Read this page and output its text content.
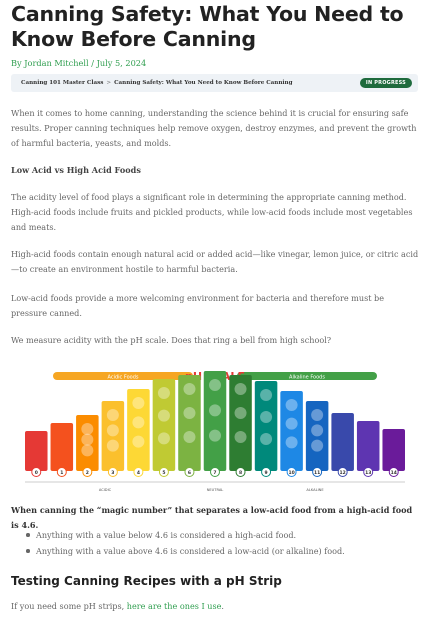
Canning Safety: What You Need to Know Before Canning
By Jordan Mitchell / July 5, 2024
Canning 101 Master Class > Canning Safety: What You Need to Know Before Canning	IN PROGRESS
When it comes to home canning, understanding the science behind it is crucial for ensuring safe results. Proper canning techniques help remove oxygen, destroy enzymes, and prevent the growth of harmful bacteria, yeasts, and molds.
Low Acid vs High Acid Foods
The acidity level of food plays a significant role in determining the appropriate canning method. High-acid foods include fruits and pickled products, while low-acid foods include most vegetables and meats.
High-acid foods contain enough natural acid or added acid—like vinegar, lemon juice, or citric acid—to create an environment hostile to harmful bacteria.
Low-acid foods provide a more welcoming environment for bacteria and therefore must be pressure canned.
We measure acidity with the pH scale. Does that ring a bell from high school?
Acidic Foods	Alkaline Foods
0	1	2	3	4	5	6	7	8	9	10	11	12	13	14
ACIDIC	NEUTRAL	ALKALINE
When canning the “magic number” that separates a low-acid food from a high-acid food is 4.6.
Anything with a value below 4.6 is considered a high-acid food.
Anything with a value above 4.6 is considered a low-acid (or alkaline) food.
Testing Canning Recipes with a pH Strip
If you need some pH strips, here are the ones I use.
